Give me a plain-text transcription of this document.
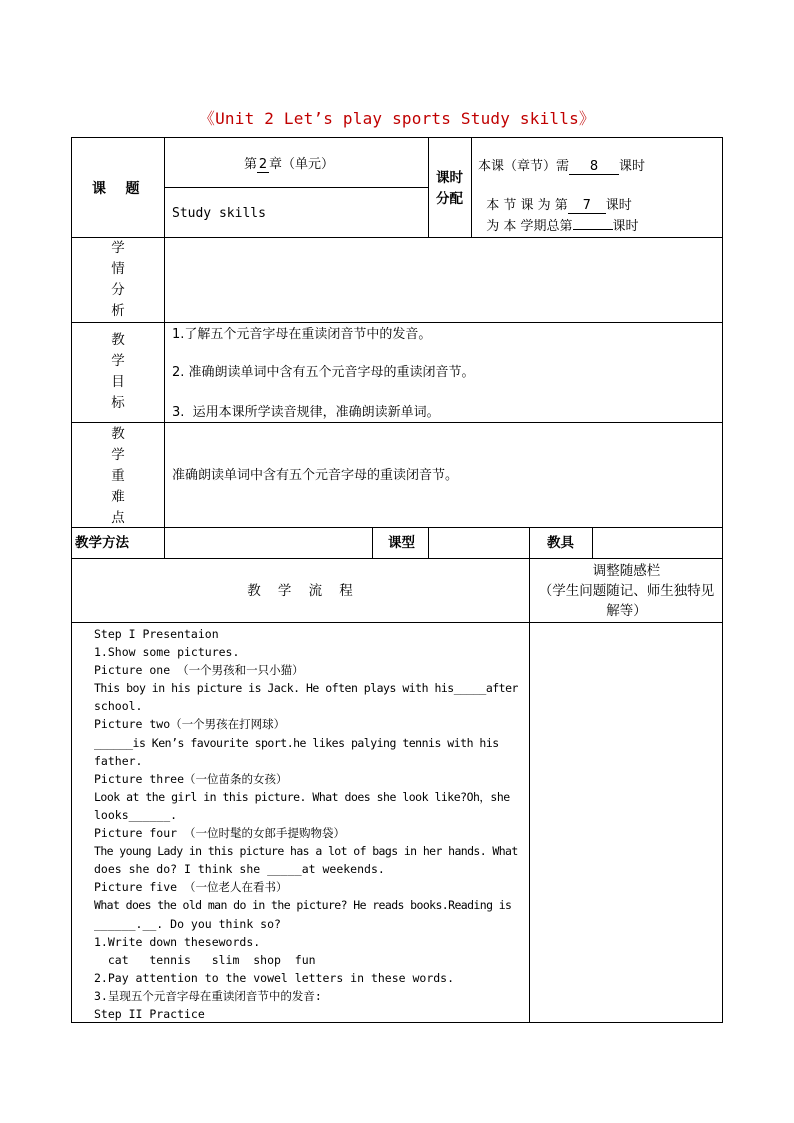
《Unit 2 Let’s play sports Study skills》
课    题
第 2 章（单元）
Study skills
课时
分配
本课（章节）需 8 课时

本 节 课 为 第 7 课时

为 本 学期总第	课时

学
情
分
析
教
学
目
标
1.了解五个元音字母在重读闭音节中的发音。
2. 准确朗读单词中含有五个元音字母的重读闭音节。
3.  运用本课所学读音规律，准确朗读新单词。
教
学
重
难
点
准确朗读单词中含有五个元音字母的重读闭音节。
教学方法	课型	教具
教    学    流    程
调整随感栏
（学生问题随记、师生独特见
解等）
Step I Presentaion
1.Show some pictures.
Picture one （一个男孩和一只小猫）
This boy in his picture is Jack. He often plays with his_____after
school.
Picture two（一个男孩在打网球）
______is Ken’s favourite sport.he likes palying tennis with his
father.
Picture three（一位苗条的女孩）
Look at the girl in this picture. What does she look like?Oh，she
looks______.
Picture four （一位时髦的女郎手提购物袋）
The young Lady in this picture has a lot of bags in her hands. What
does she do? I think she _____at weekends.
Picture five （一位老人在看书）
What does the old man do in the picture? He reads books.Reading is
______.__. Do you think so?
1.Write down thesewords.
cat   tennis   slim  shop  fun
2.Pay attention to the vowel letters in these words.
3.呈现五个元音字母在重读闭音节中的发音:
Step II Practice
